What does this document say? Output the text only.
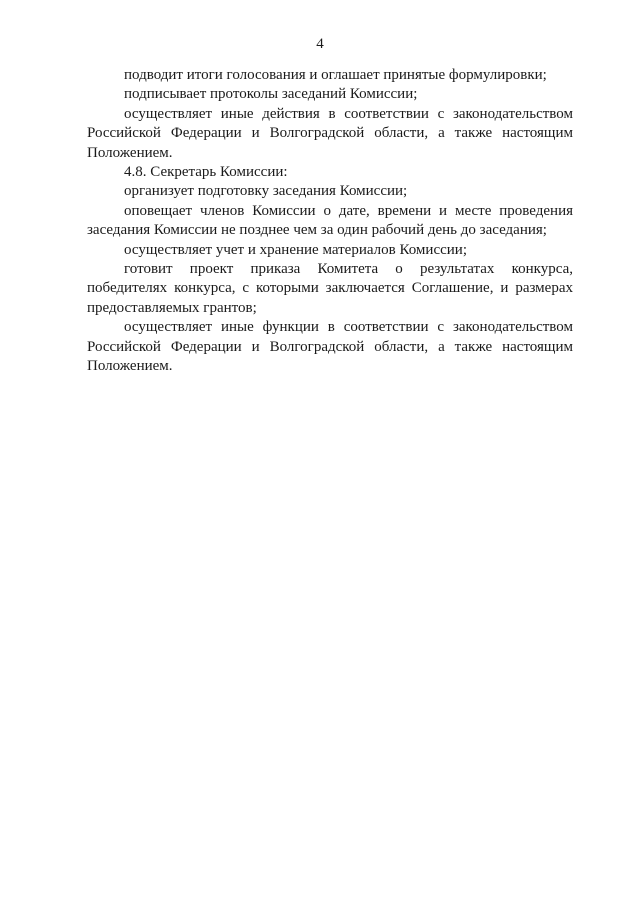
4

подводит итоги голосования и оглашает принятые формулировки;

подписывает протоколы заседаний Комиссии;

осуществляет иные действия в соответствии с законодательством Российской Федерации и Волгоградской области, а также настоящим Положением.

4.8. Секретарь Комиссии:

организует подготовку заседания Комиссии;

оповещает членов Комиссии о дате, времени и месте проведения заседания Комиссии не позднее чем за один рабочий день до заседания;

осуществляет учет и хранение материалов Комиссии;

готовит проект приказа Комитета о результатах конкурса, победителях конкурса, с которыми заключается Соглашение, и размерах предоставляемых грантов;

осуществляет иные функции в соответствии с законодательством Российской Федерации и Волгоградской области, а также настоящим Положением.
